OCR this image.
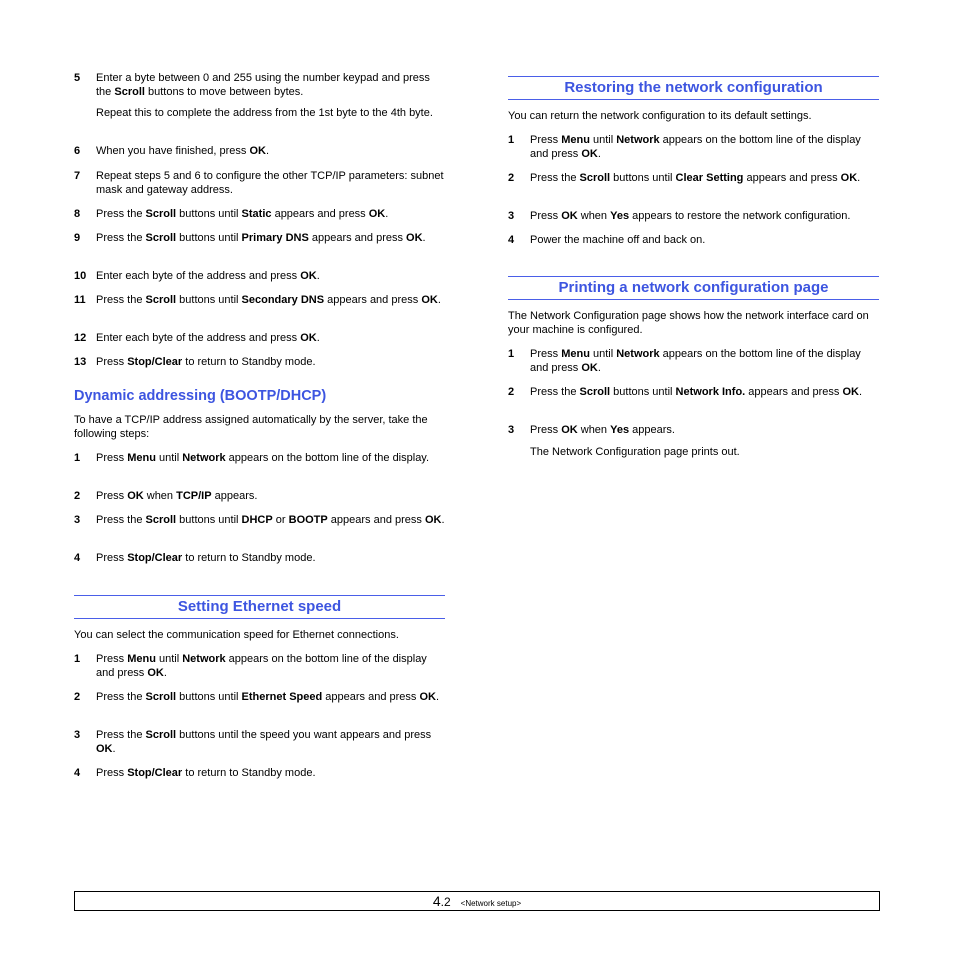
5 Enter a byte between 0 and 255 using the number keypad and press the Scroll buttons to move between bytes.
Repeat this to complete the address from the 1st byte to the 4th byte.
6 When you have finished, press OK.
7 Repeat steps 5 and 6 to configure the other TCP/IP parameters: subnet mask and gateway address.
8 Press the Scroll buttons until Static appears and press OK.
9 Press the Scroll buttons until Primary DNS appears and press OK.
10 Enter each byte of the address and press OK.
11 Press the Scroll buttons until Secondary DNS appears and press OK.
12 Enter each byte of the address and press OK.
13 Press Stop/Clear to return to Standby mode.
Dynamic addressing (BOOTP/DHCP)
To have a TCP/IP address assigned automatically by the server, take the following steps:
1 Press Menu until Network appears on the bottom line of the display.
2 Press OK when TCP/IP appears.
3 Press the Scroll buttons until DHCP or BOOTP appears and press OK.
4 Press Stop/Clear to return to Standby mode.
Setting Ethernet speed
You can select the communication speed for Ethernet connections.
1 Press Menu until Network appears on the bottom line of the display and press OK.
2 Press the Scroll buttons until Ethernet Speed appears and press OK.
3 Press the Scroll buttons until the speed you want appears and press OK.
4 Press Stop/Clear to return to Standby mode.
Restoring the network configuration
You can return the network configuration to its default settings.
1 Press Menu until Network appears on the bottom line of the display and press OK.
2 Press the Scroll buttons until Clear Setting appears and press OK.
3 Press OK when Yes appears to restore the network configuration.
4 Power the machine off and back on.
Printing a network configuration page
The Network Configuration page shows how the network interface card on your machine is configured.
1 Press Menu until Network appears on the bottom line of the display and press OK.
2 Press the Scroll buttons until Network Info. appears and press OK.
3 Press OK when Yes appears.
The Network Configuration page prints out.
4.2 <Network setup>
